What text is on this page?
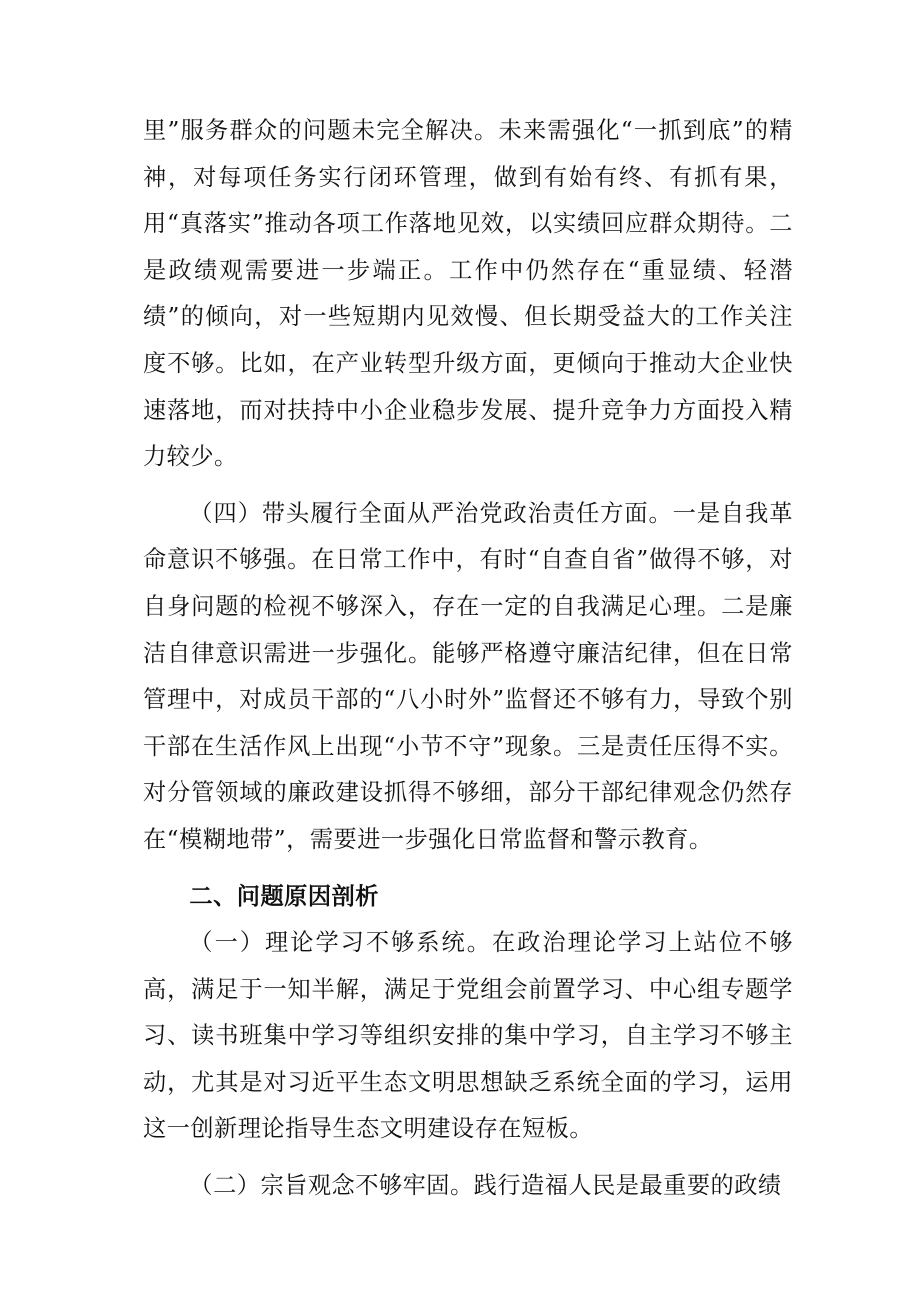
里”服务群众的问题未完全解决。未来需强化“一抓到底”的精神，对每项任务实行闭环管理，做到有始有终、有抓有果，用“真落实”推动各项工作落地见效，以实绩回应群众期待。二是政绩观需要进一步端正。工作中仍然存在“重显绩、轻潜绩”的倾向，对一些短期内见效慢、但长期受益大的工作关注度不够。比如，在产业转型升级方面，更倾向于推动大企业快速落地，而对扶持中小企业稳步发展、提升竞争力方面投入精力较少。

（四）带头履行全面从严治党政治责任方面。一是自我革命意识不够强。在日常工作中，有时“自查自省”做得不够，对自身问题的检视不够深入，存在一定的自我满足心理。二是廉洁自律意识需进一步强化。能够严格遵守廉洁纪律，但在日常管理中，对成员干部的“八小时外”监督还不够有力，导致个别干部在生活作风上出现“小节不守”现象。三是责任压得不实。对分管领域的廉政建设抓得不够细，部分干部纪律观念仍然存在“模糊地带”，需要进一步强化日常监督和警示教育。

二、问题原因剖析

（一）理论学习不够系统。在政治理论学习上站位不够高，满足于一知半解，满足于党组会前置学习、中心组专题学习、读书班集中学习等组织安排的集中学习，自主学习不够主动，尤其是对习近平生态文明思想缺乏系统全面的学习，运用这一创新理论指导生态文明建设存在短板。

（二）宗旨观念不够牢固。践行造福人民是最重要的政绩
